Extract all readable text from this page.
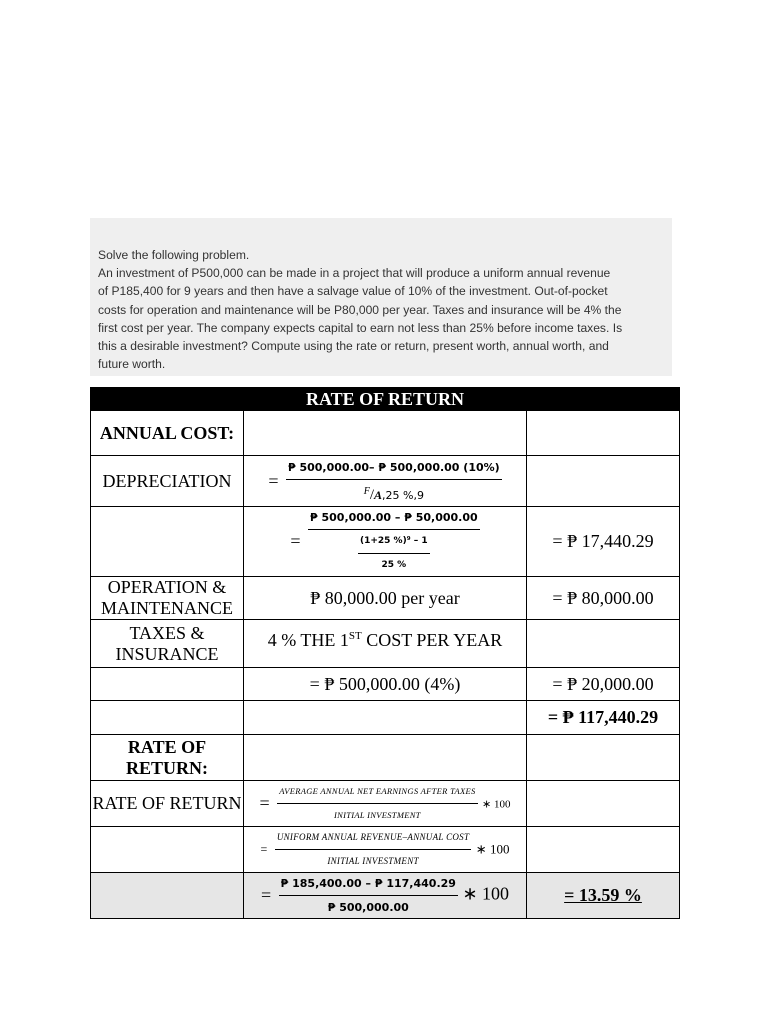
Solve the following problem.

An investment of P500,000 can be made in a project that will produce a uniform annual revenue

of P185,400 for 9 years and then have a salvage value of 10% of the investment. Out-of-pocket

costs for operation and maintenance will be P80,000 per year. Taxes and insurance will be 4% the

first cost per year. The company expects capital to earn not less than 25% before income taxes. Is

this a desirable investment? Compute using the rate or return, present worth, annual worth, and

future worth.

RATE OF RETURN		
ANNUAL COST:		
DEPRECIATION	= $\frac{₱ 500,000.00- ₱ 500,000.00 (10\%)}{^F/A,25 \%,9}$

	= $\frac{₱ 500,000.00 - ₱ 50,000.00}{\frac{\text{(1+25 \%)⁹ – 1}}{25 \%}}$	= ₱ 17,440.29
OPERATION & MAINTENANCE	₱ 80,000.00 per year	= ₱ 80,000.00
TAXES & INSURANCE	4 % THE 1ST COST PER YEAR	
	= ₱ 500,000.00 (4%)	= ₱ 20,000.00
		= ₱ 117,440.29
RATE OF RETURN:		
RATE OF RETURN	= $\frac{\text{AVERAGE ANNUAL NET EARNINGS AFTER TAXES}}{\text{INITIAL INVESTMENT}}$ ∗ 100	
	= $\frac{\text{UNIFORM ANNUAL REVENUE–ANNUAL COST}}{\text{INITIAL INVESTMENT}}$ ∗ 100	
	= $\frac{₱ 185,400.00 - ₱ 117,440.29}{₱ 500,000.00}$ ∗ 100	= 13.59 %
